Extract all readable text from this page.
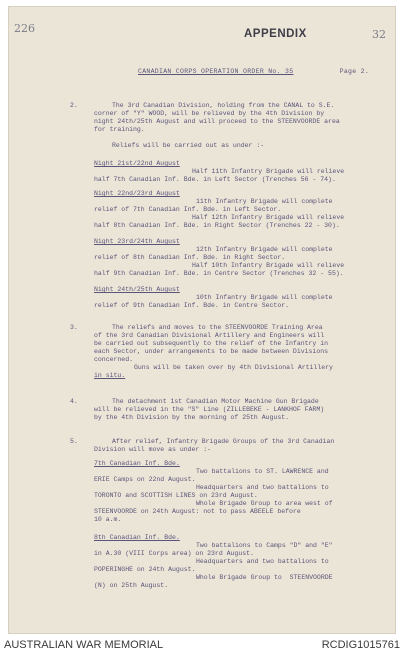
226	APPENDIX	32
CANADIAN CORPS OPERATION ORDER No. 35	Page 2.
2.	The 3rd Canadian Division, holding from the CANAL to S.E.
corner of "Y" WOOD, will be relieved by the 4th Division by
night 24th/25th August and will proceed to the STEENVOORDE area
for training.
Reliefs will be carried out as under :-
Night 21st/22nd August
Half 11th Infantry Brigade will relieve
half 7th Canadian Inf. Bde. in Left Sector (Trenches 56 - 74).
Night 22nd/23rd August
11th Infantry Brigade will complete
relief of 7th Canadian Inf. Bde. in Left Sector.
Half 12th Infantry Brigade will relieve
half 8th Canadian Inf. Bde. in Right Sector (Trenches 22 - 30).
Night 23rd/24th August
12th Infantry Brigade will complete
relief of 8th Canadian Inf. Bde. in Right Sector.
Half 10th Infantry Brigade will relieve
half 9th Canadian Inf. Bde. in Centre Sector (Trenches 32 - 55).
Night 24th/25th August
10th Infantry Brigade will complete
relief of 9th Canadian Inf. Bde. in Centre Sector.
3.	The reliefs and moves to the STEENVOORDE Training Area
of the 3rd Canadian Divisional Artillery and Engineers will
be carried out subsequently to the relief of the Infantry in
each Sector, under arrangements to be made between Divisions
concerned.
Guns will be taken over by 4th Divisional Artillery
in situ.
4.	The detachment 1st Canadian Motor Machine Gun Brigade
will be relieved in the "S" Line (ZILLEBEKE - LANKHOF FARM)
by the 4th Division by the morning of 25th August.
5.	After relief, Infantry Brigade Groups of the 3rd Canadian
Division will move as under :-
7th Canadian Inf. Bde.
Two battalions to ST. LAWRENCE and
ERIE Camps on 22nd August.
Headquarters and two battalions to
TORONTO and SCOTTISH LINES on 23rd August.
Whole Brigade Group to area west of
STEENVOORDE on 24th August: not to pass ABEELE before
10 a.m.
8th Canadian Inf. Bde.
Two battalions to Camps "D" and "E"
in A.30 (VIII Corps area) on 23rd August.
Headquarters and two battalions to
POPERINGHE on 24th August.
Whole Brigade Group to  STEENVOORDE
(N) on 25th August.
AUSTRALIAN WAR MEMORIAL	RCDIG1015761
